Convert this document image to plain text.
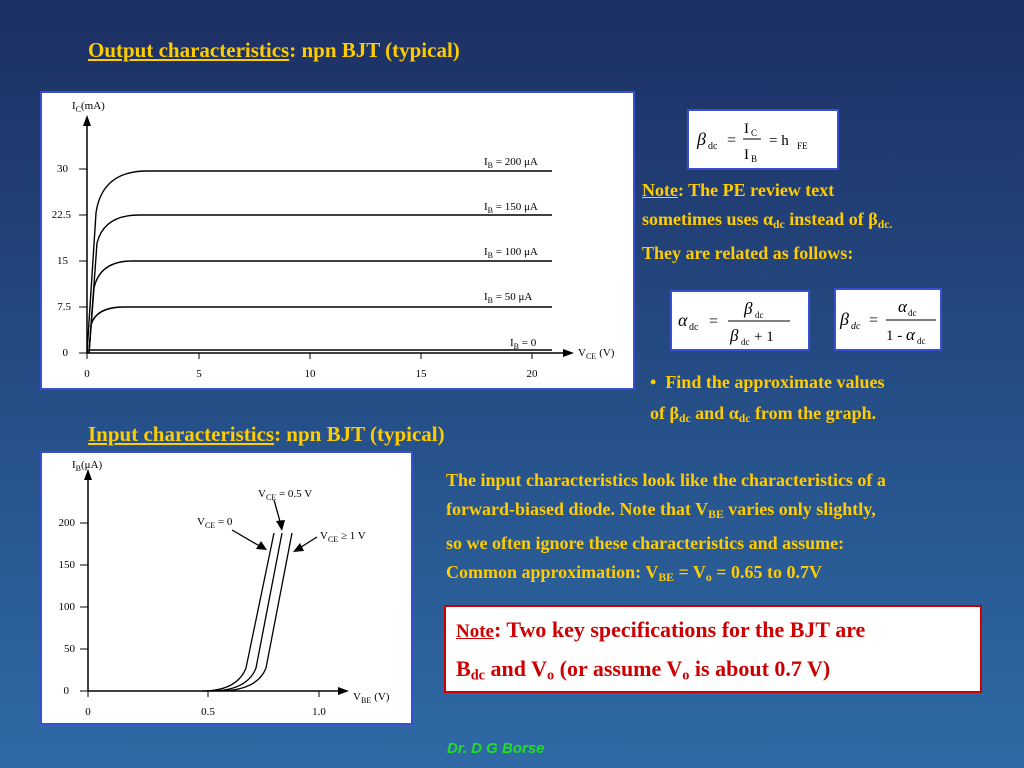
Output characteristics: npn BJT (typical)
Input characteristics: npn BJT (typical)
$I_C(mA)$
$V_{CE}$ (V)
0
7.5
15
22.5
30
0	5	10	15	20
$I_B = 200$ μA
$I_B = 150$ μA
$I_B = 100$ μA
$I_B = 50$ μA
$I_B = 0$
$I_B(\mu A)$
$V_{BE}$ (V)
0
50
100
150
200
0	0.5	1.0
$V_{CE} = 0.5$ V
$V_{CE} = 0$
$V_{CE} \ge 1$ V
β dc =
I C
I B
= h FE
Note: The PE review text
sometimes uses $\alpha_{dc}$ instead of $\beta_{dc.}$
They are related as follows:
α dc =
β dc
β dc + 1
β dc =
α dc
1 - α dc
• Find the approximate values
of $\beta_{dc}$ and $\alpha_{dc}$ from the graph.
The input characteristics look like the characteristics of a
forward-biased diode. Note that $V_{BE}$ varies only slightly,
so we often ignore these characteristics and assume:
Common approximation: $V_{BE} = V_o = 0.65$ to 0.7V
Note: Two key specifications for the BJT are
$B_{dc}$ and $V_o$ (or assume $V_o$ is about 0.7 V)
Dr. D G Borse
